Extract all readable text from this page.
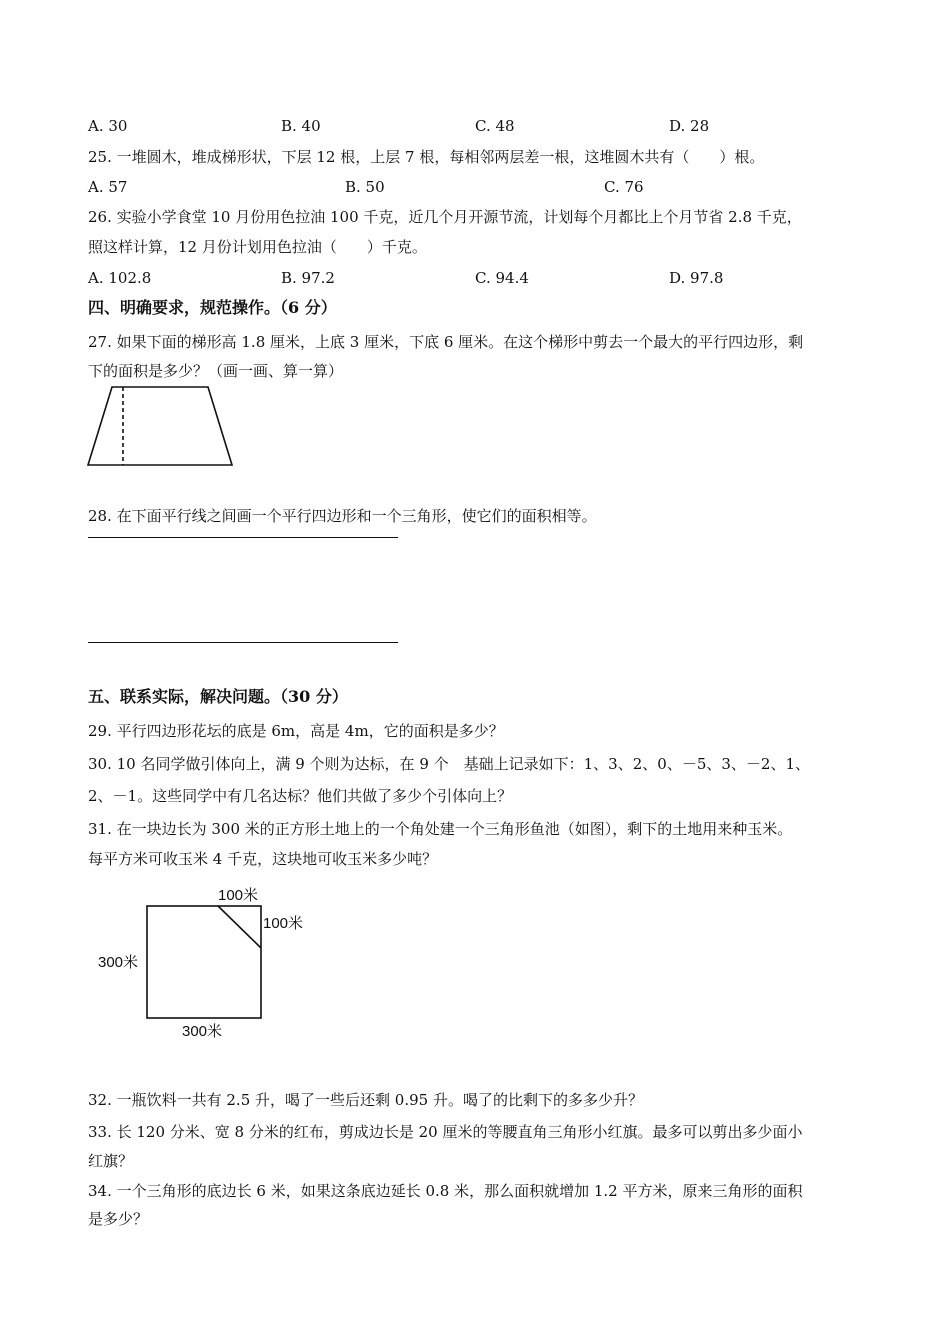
A. 30	B. 40	C. 48	D. 28
25. 一堆圆木，堆成梯形状，下层 12 根，上层 7 根，每相邻两层差一根，这堆圆木共有（　　）根。
A. 57	B. 50	C. 76
26. 实验小学食堂 10 月份用色拉油 100 千克，近几个月开源节流，计划每个月都比上个月节省 2.8 千克，
照这样计算，12 月份计划用色拉油（　　）千克。
A. 102.8	B. 97.2	C. 94.4	D. 97.8
四、明确要求，规范操作。（6 分）
27. 如果下面的梯形高 1.8 厘米，上底 3 厘米，下底 6 厘米。在这个梯形中剪去一个最大的平行四边形，剩
下的面积是多少？（画一画、算一算）
28. 在下面平行线之间画一个平行四边形和一个三角形，使它们的面积相等。
五、联系实际，解决问题。（30 分）
29. 平行四边形花坛的底是 6m，高是 4m，它的面积是多少？
30. 10 名同学做引体向上，满 9 个则为达标，在 9 个　基础上记录如下：1、3、2、0、－5、3、－2、1、
2、－1。这些同学中有几名达标？他们共做了多少个引体向上？
31. 在一块边长为 300 米的正方形土地上的一个角处建一个三角形鱼池（如图），剩下的土地用来种玉米。
每平方米可收玉米 4 千克，这块地可收玉米多少吨？
100米
100米
300米
300米
32. 一瓶饮料一共有 2.5 升，喝了一些后还剩 0.95 升。喝了的比剩下的多多少升？
33. 长 120 分米、宽 8 分米的红布，剪成边长是 20 厘米的等腰直角三角形小红旗。最多可以剪出多少面小
红旗？
34. 一个三角形的底边长 6 米，如果这条底边延长 0.8 米，那么面积就增加 1.2 平方米，原来三角形的面积
是多少？
